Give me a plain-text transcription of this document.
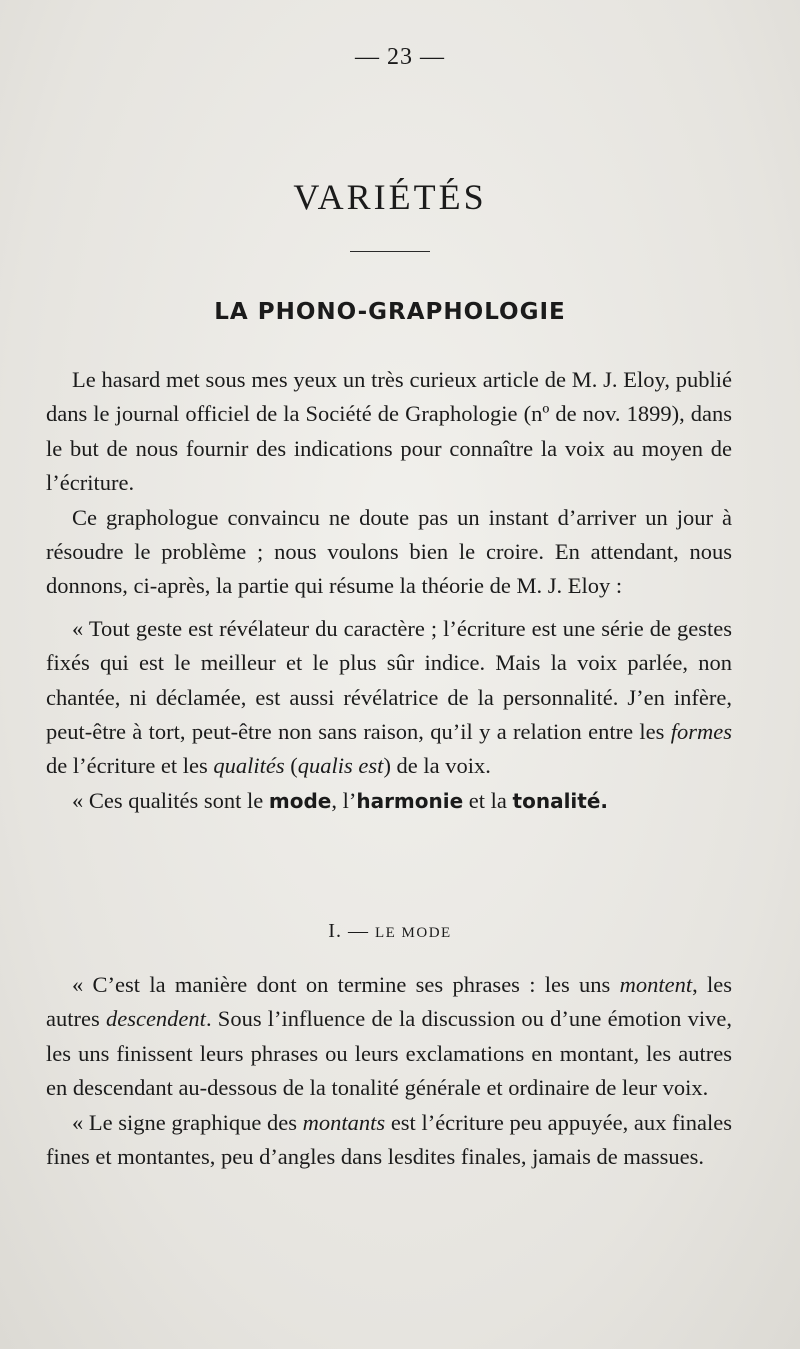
— 23 —
VARIÉTÉS
LA PHONO-GRAPHOLOGIE

Le hasard met sous mes yeux un très curieux article de M. J. Eloy, publié dans le journal officiel de la Société de Graphologie (nº de nov. 1899), dans le but de nous fournir des indications pour connaître la voix au moyen de l’écriture.

Ce graphologue convaincu ne doute pas un instant d’arriver un jour à résoudre le problème ; nous voulons bien le croire. En attendant, nous donnons, ci-après, la partie qui résume la théorie de M. J. Eloy :

« Tout geste est révélateur du caractère ; l’écriture est une série de gestes fixés qui est le meilleur et le plus sûr indice. Mais la voix parlée, non chantée, ni déclamée, est aussi révélatrice de la personnalité. J’en infère, peut-être à tort, peut-être non sans raison, qu’il y a relation entre les formes de l’écriture et les qualités (qualis est) de la voix.

« Ces qualités sont le mode, l’harmonie et la tonalité.

I. — LE MODE

« C’est la manière dont on termine ses phrases : les uns montent, les autres descendent. Sous l’influence de la discussion ou d’une émotion vive, les uns finissent leurs phrases ou leurs exclamations en montant, les autres en descendant au-dessous de la tonalité générale et ordinaire de leur voix.

« Le signe graphique des montants est l’écriture peu appuyée, aux finales fines et montantes, peu d’angles dans lesdites finales, jamais de massues.
